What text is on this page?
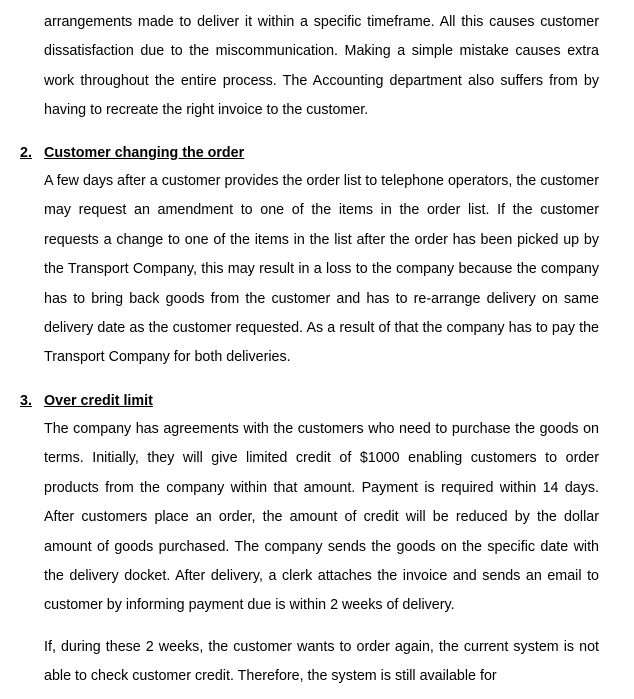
arrangements made to deliver it within a specific timeframe. All this causes customer dissatisfaction due to the miscommunication. Making a simple mistake causes extra work throughout the entire process. The Accounting department also suffers from by having to recreate the right invoice to the customer.

2. Customer changing the order

A few days after a customer provides the order list to telephone operators, the customer may request an amendment to one of the items in the order list. If the customer requests a change to one of the items in the list after the order has been picked up by the Transport Company, this may result in a loss to the company because the company has to bring back goods from the customer and has to re-arrange delivery on same delivery date as the customer requested. As a result of that the company has to pay the Transport Company for both deliveries.

3. Over credit limit

The company has agreements with the customers who need to purchase the goods on terms. Initially, they will give limited credit of $1000 enabling customers to order products from the company within that amount. Payment is required within 14 days. After customers place an order, the amount of credit will be reduced by the dollar amount of goods purchased. The company sends the goods on the specific date with the delivery docket. After delivery, a clerk attaches the invoice and sends an email to customer by informing payment due is within 2 weeks of delivery.

If, during these 2 weeks, the customer wants to order again, the current system is not able to check customer credit. Therefore, the system is still available for
